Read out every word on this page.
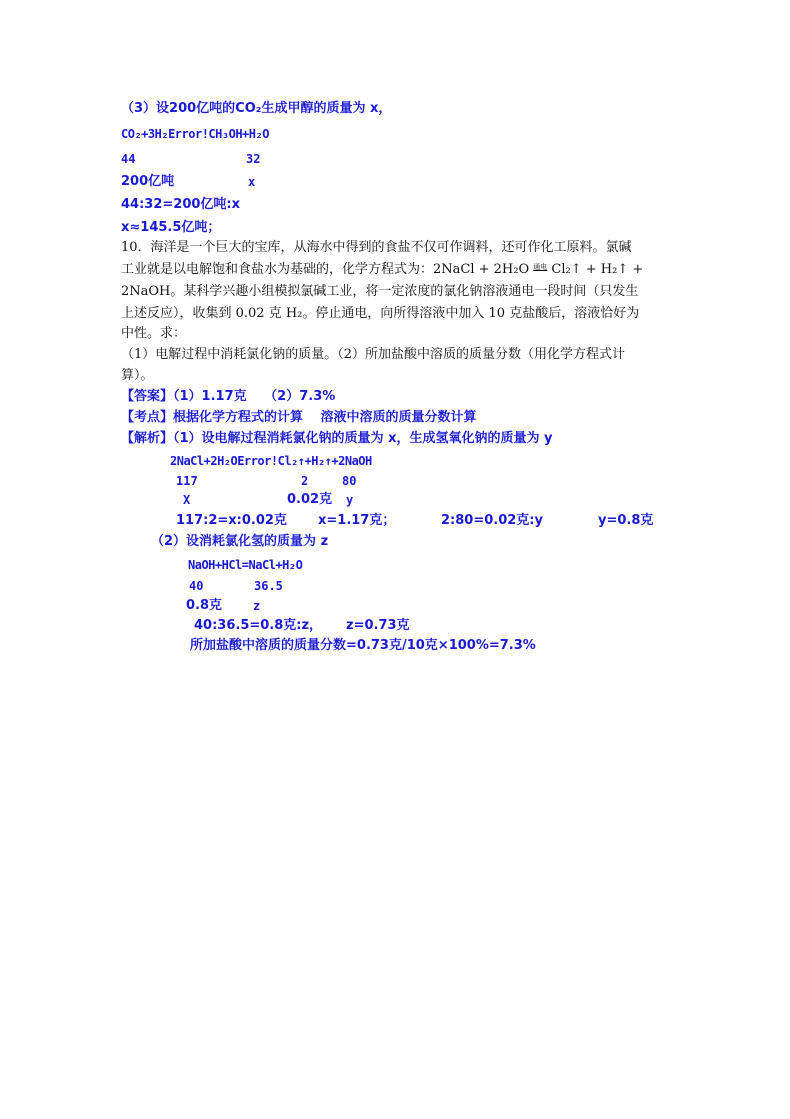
（3）设200亿吨的CO₂生成甲醇的质量为 x，
CO₂+3H₂Error!CH₃OH+H₂O
44	32
200亿吨	x
44:32=200亿吨:x
x≈145.5亿吨；
10．海洋是一个巨大的宝库，从海水中得到的食盐不仅可作调料，还可作化工原料。氯碱
工业就是以电解饱和食盐水为基础的，化学方程式为：2NaCl + 2H₂O $^{通电}$ Cl₂↑ + H₂↑ +
2NaOH。某科学兴趣小组模拟氯碱工业，将一定浓度的氯化钠溶液通电一段时间（只发生
上述反应），收集到 0.02 克 H₂。停止通电，向所得溶液中加入 10 克盐酸后，溶液恰好为
中性。求：
（1）电解过程中消耗氯化钠的质量。（2）所加盐酸中溶质的质量分数（用化学方程式计
算）。
【答案】（1）1.17克　 （2）7.3%
【考点】根据化学方程式的计算　 溶液中溶质的质量分数计算
【解析】（1）设电解过程消耗氯化钠的质量为 x，生成氢氧化钠的质量为 y
2NaCl+2H₂OError!Cl₂↑+H₂↑+2NaOH
117	2	80
X	0.02克 y
117:2=x:0.02克 x=1.17克；	2:80=0.02克:y	y=0.8克
（2）设消耗氯化氢的质量为 z
NaOH+HCl=NaCl+H₂O
40	36.5
0.8克	z
40:36.5=0.8克:z， z=0.73克
所加盐酸中溶质的质量分数=0.73克/10克×100%=7.3%
